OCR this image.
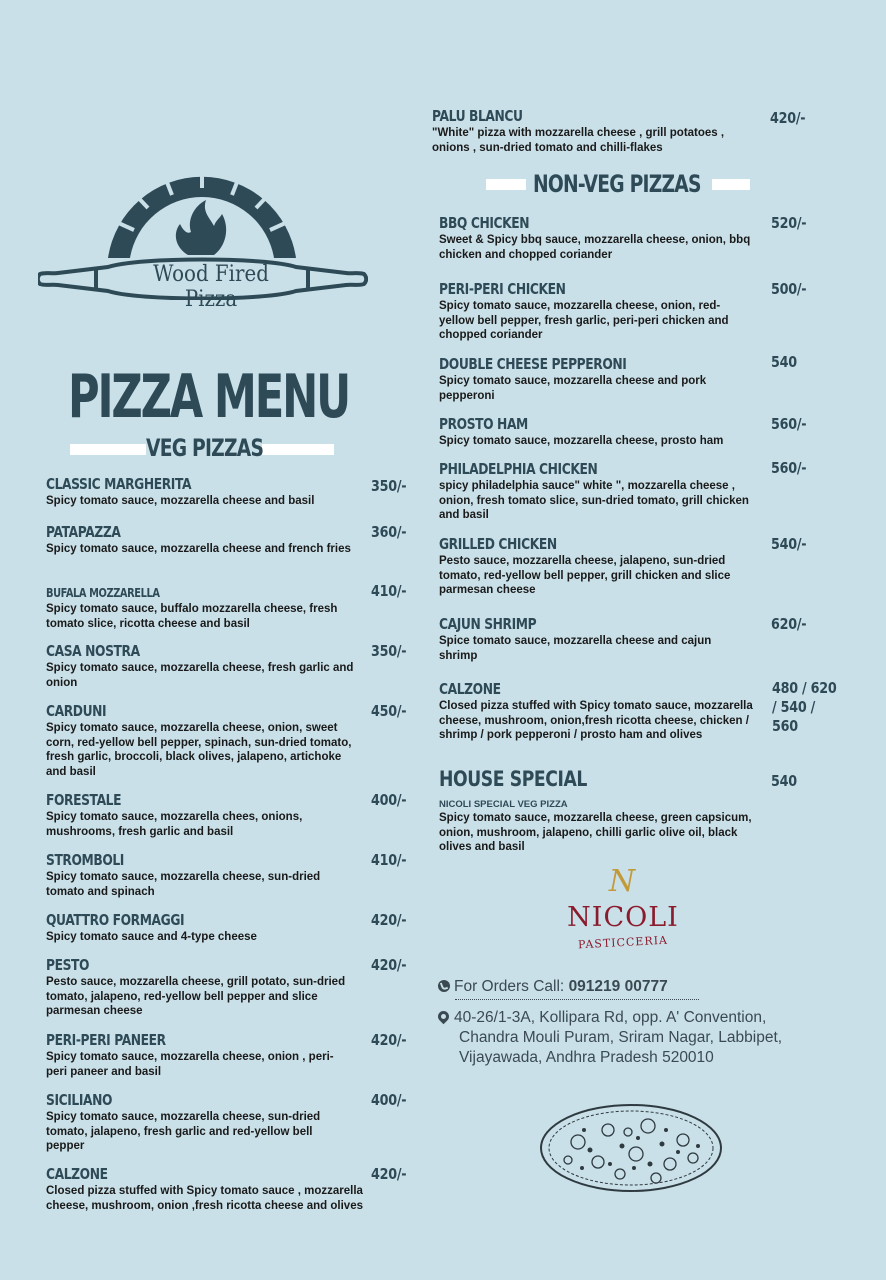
Wood Fired Pizza
PIZZA MENU
VEG PIZZAS
CLASSIC MARGHERITA
Spicy tomato sauce, mozzarella cheese and basil
350/-
PATAPAZZA
Spicy tomato sauce, mozzarella cheese and french fries
360/-
BUFALA MOZZARELLA
Spicy tomato sauce, buffalo mozzarella cheese, fresh tomato slice, ricotta cheese and basil
410/-
CASA NOSTRA
Spicy tomato sauce, mozzarella cheese, fresh garlic and onion
350/-
CARDUNI
Spicy tomato sauce, mozzarella cheese, onion, sweet corn, red-yellow bell pepper, spinach, sun-dried tomato, fresh garlic, broccoli, black olives, jalapeno, artichoke and basil
450/-
FORESTALE
Spicy tomato sauce, mozzarella chees, onions, mushrooms, fresh garlic and basil
400/-
STROMBOLI
Spicy tomato sauce, mozzarella cheese, sun-dried tomato and spinach
410/-
QUATTRO FORMAGGI
Spicy tomato sauce and 4-type cheese
420/-
PESTO
Pesto sauce, mozzarella cheese, grill potato, sun-dried tomato, jalapeno, red-yellow bell pepper and slice parmesan cheese
420/-
PERI-PERI PANEER
Spicy tomato sauce, mozzarella cheese, onion , peri-peri paneer and basil
420/-
SICILIANO
Spicy tomato sauce, mozzarella cheese, sun-dried tomato, jalapeno, fresh garlic and red-yellow bell pepper
400/-
CALZONE
Closed pizza stuffed with Spicy tomato sauce , mozzarella cheese, mushroom, onion ,fresh ricotta cheese and olives
420/-
PALU BLANCU
"White" pizza with mozzarella cheese , grill potatoes , onions , sun-dried tomato and chilli-flakes
420/-
NON-VEG PIZZAS
BBQ CHICKEN
Sweet & Spicy bbq sauce, mozzarella cheese, onion, bbq chicken and chopped coriander
520/-
PERI-PERI CHICKEN
Spicy tomato sauce, mozzarella cheese, onion, red-yellow bell pepper, fresh garlic, peri-peri chicken and chopped coriander
500/-
DOUBLE CHEESE PEPPERONI
Spicy tomato sauce, mozzarella cheese and pork pepperoni
540
PROSTO HAM
Spicy tomato sauce, mozzarella cheese, prosto ham
560/-
PHILADELPHIA CHICKEN
spicy philadelphia sauce" white ", mozzarella cheese , onion, fresh tomato slice, sun-dried tomato, grill chicken and basil
560/-
GRILLED CHICKEN
Pesto sauce, mozzarella cheese, jalapeno, sun-dried tomato, red-yellow bell pepper, grill chicken and slice parmesan cheese
540/-
CAJUN SHRIMP
Spice tomato sauce, mozzarella cheese and cajun shrimp
620/-
CALZONE
Closed pizza stuffed with Spicy tomato sauce, mozzarella cheese, mushroom, onion,fresh ricotta cheese, chicken / shrimp / pork pepperoni / prosto ham and olives
480 / 620 / 540 / 560
HOUSE SPECIAL
NICOLI SPECIAL VEG PIZZA
Spicy tomato sauce, mozzarella cheese, green capsicum, onion, mushroom, jalapeno, chilli garlic olive oil, black olives and basil
540
N
NICOLI
PASTICCERIA
For Orders Call: 091219 00777
40-26/1-3A, Kollipara Rd, opp. A' Convention,
Chandra Mouli Puram, Sriram Nagar, Labbipet,
Vijayawada, Andhra Pradesh 520010
